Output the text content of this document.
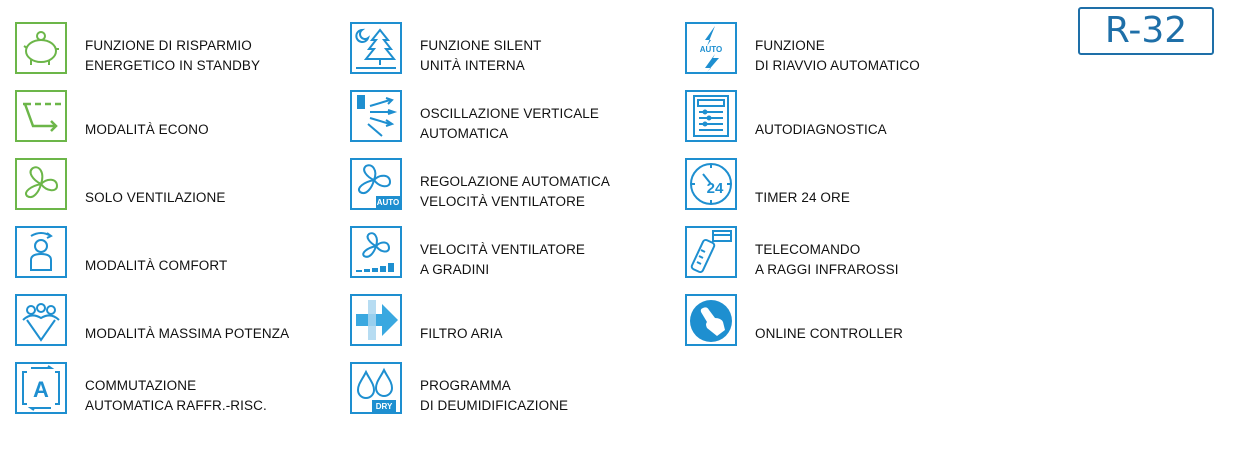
R-32
FUNZIONE DI RISPARMIO
ENERGETICO IN STANDBY
MODALITÀ ECONO
SOLO VENTILAZIONE
MODALITÀ COMFORT
MODALITÀ MASSIMA POTENZA
A	COMMUTAZIONE
AUTOMATICA RAFFR.-RISC.
FUNZIONE SILENT
UNITÀ INTERNA
OSCILLAZIONE VERTICALE
AUTOMATICA
AUTO
REGOLAZIONE AUTOMATICA
VELOCITÀ VENTILATORE
VELOCITÀ VENTILATORE
A GRADINI
FILTRO ARIA
DRY
PROGRAMMA
DI DEUMIDIFICAZIONE
AUTO FUNZIONE
DI RIAVVIO AUTOMATICO
AUTODIAGNOSTICA
24
TIMER 24 ORE
TELECOMANDO
A RAGGI INFRAROSSI
ONLINE CONTROLLER
